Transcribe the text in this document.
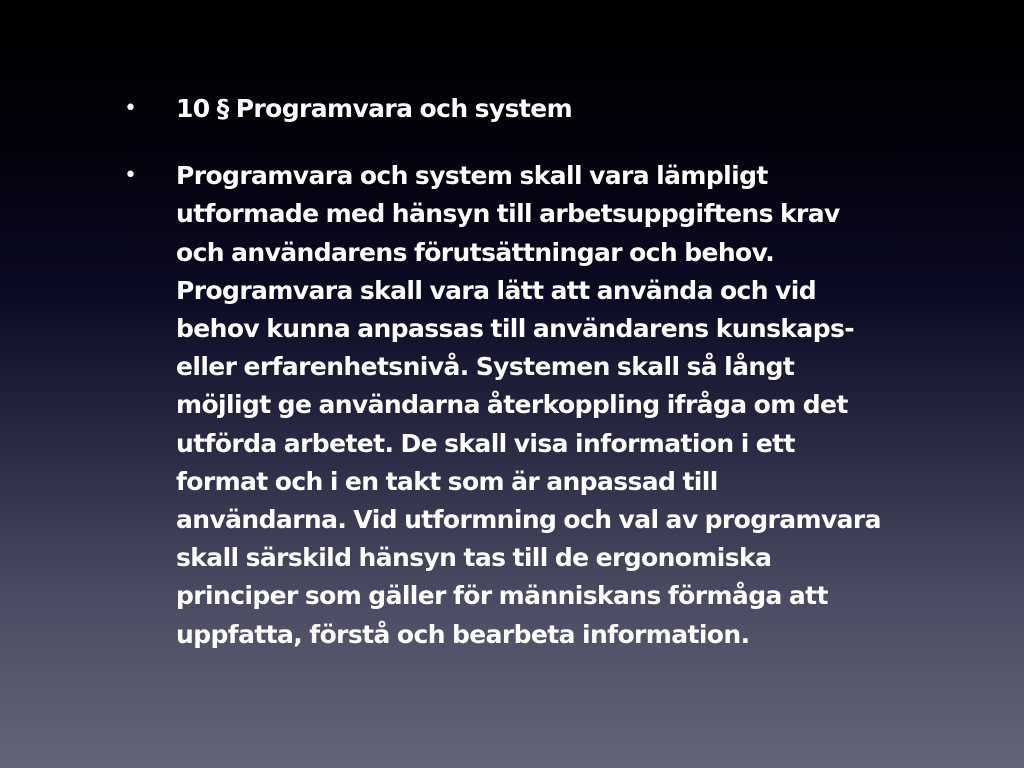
• 10 § Programvara och system
• Programvara och system skall vara lämpligt
utformade med hänsyn till arbetsuppgiftens krav
och användarens förutsättningar och behov.
Programvara skall vara lätt att använda och vid
behov kunna anpassas till användarens kunskaps-
eller erfarenhetsnivå. Systemen skall så långt
möjligt ge användarna återkoppling ifråga om det
utförda arbetet. De skall visa information i ett
format och i en takt som är anpassad till
användarna. Vid utformning och val av programvara
skall särskild hänsyn tas till de ergonomiska
principer som gäller för människans förmåga att
uppfatta, förstå och bearbeta information.
